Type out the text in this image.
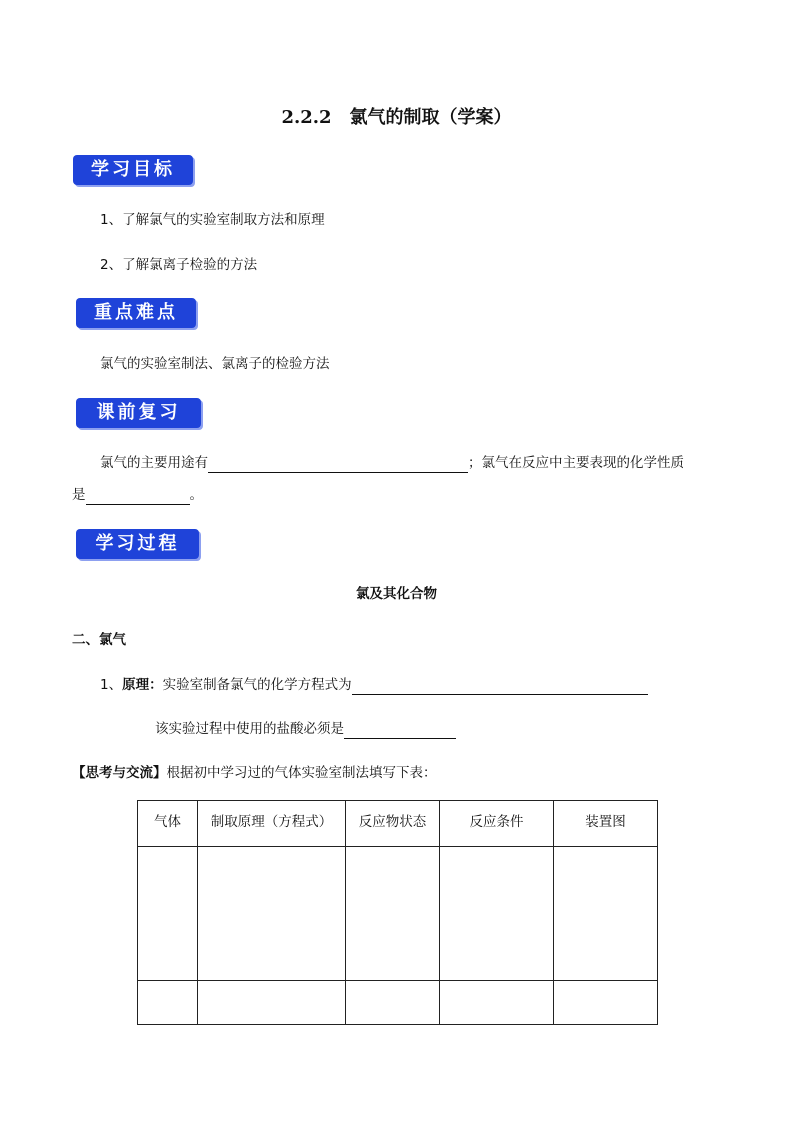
2.2.2　氯气的制取（学案）
学习目标
1、了解氯气的实验室制取方法和原理
2、了解氯离子检验的方法
重点难点
氯气的实验室制法、氯离子的检验方法
课前复习
氯气的主要用途有	；氯气在反应中主要表现的化学性质
是	。
学习过程
氯及其化合物
二、氯气
1、原理：实验室制备氯气的化学方程式为
该实验过程中使用的盐酸必须是
【思考与交流】根据初中学习过的气体实验室制法填写下表：
气体	制取原理（方程式）	反应物状态	反应条件	装置图
